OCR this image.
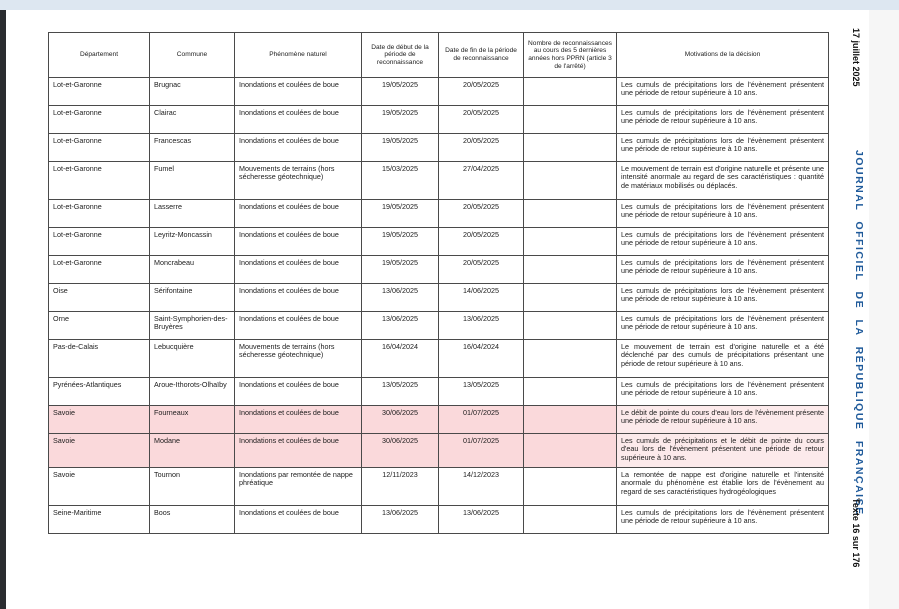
Département	Commune	Phénomène naturel	Date de début de la période de reconnaissance	Date de fin de la période de reconnaissance	Nombre de reconnaissances au cours des 5 dernières années hors PPRN (article 3 de l'arrêté)	Motivations de la décision
Lot-et-Garonne	Brugnac	Inondations et coulées de boue	19/05/2025	20/05/2025		Les cumuls de précipitations lors de l'évènement présentent une période de retour supérieure à 10 ans.
Lot-et-Garonne	Clairac	Inondations et coulées de boue	19/05/2025	20/05/2025		Les cumuls de précipitations lors de l'évènement présentent une période de retour supérieure à 10 ans.
Lot-et-Garonne	Francescas	Inondations et coulées de boue	19/05/2025	20/05/2025		Les cumuls de précipitations lors de l'évènement présentent une période de retour supérieure à 10 ans.
Lot-et-Garonne	Fumel	Mouvements de terrains (hors sécheresse géotechnique)	15/03/2025	27/04/2025		Le mouvement de terrain est d'origine naturelle et présente une intensité anormale au regard de ses caractéristiques : quantité de matériaux mobilisés ou déplacés.
Lot-et-Garonne	Lasserre	Inondations et coulées de boue	19/05/2025	20/05/2025		Les cumuls de précipitations lors de l'évènement présentent une période de retour supérieure à 10 ans.
Lot-et-Garonne	Leyritz-Moncassin	Inondations et coulées de boue	19/05/2025	20/05/2025		Les cumuls de précipitations lors de l'évènement présentent une période de retour supérieure à 10 ans.
Lot-et-Garonne	Moncrabeau	Inondations et coulées de boue	19/05/2025	20/05/2025		Les cumuls de précipitations lors de l'évènement présentent une période de retour supérieure à 10 ans.
Oise	Sérifontaine	Inondations et coulées de boue	13/06/2025	14/06/2025		Les cumuls de précipitations lors de l'évènement présentent une période de retour supérieure à 10 ans.
Orne	Saint-Symphorien-des-Bruyères	Inondations et coulées de boue	13/06/2025	13/06/2025		Les cumuls de précipitations lors de l'évènement présentent une période de retour supérieure à 10 ans.
Pas-de-Calais	Lebucquière	Mouvements de terrains (hors sécheresse géotechnique)	16/04/2024	16/04/2024		Le mouvement de terrain est d'origine naturelle et a été déclenché par des cumuls de précipitations présentant une période de retour supérieure à 10 ans.
Pyrénées-Atlantiques	Aroue-Ithorots-Olhaïby	Inondations et coulées de boue	13/05/2025	13/05/2025		Les cumuls de précipitations lors de l'évènement présentent une période de retour supérieure à 10 ans.
Savoie	Fourneaux	Inondations et coulées de boue	30/06/2025	01/07/2025		Le débit de pointe du cours d'eau lors de l'évènement présente une période de retour supérieure à 10 ans.
Savoie	Modane	Inondations et coulées de boue	30/06/2025	01/07/2025		Les cumuls de précipitations et le débit de pointe du cours d'eau lors de l'évènement présentent une période de retour supérieure à 10 ans.
Savoie	Tournon	Inondations par remontée de nappe phréatique	12/11/2023	14/12/2023		La remontée de nappe est d'origine naturelle et l'intensité anormale du phénomène est établie lors de l'évènement au regard de ses caractéristiques hydrogéologiques
Seine-Maritime	Boos	Inondations et coulées de boue	13/06/2025	13/06/2025		Les cumuls de précipitations lors de l'évènement présentent une période de retour supérieure à 10 ans.
17 juillet 2025
JOURNAL OFFICIEL DE LA RÉPUBLIQUE FRANÇAISE
Texte 16 sur 176
